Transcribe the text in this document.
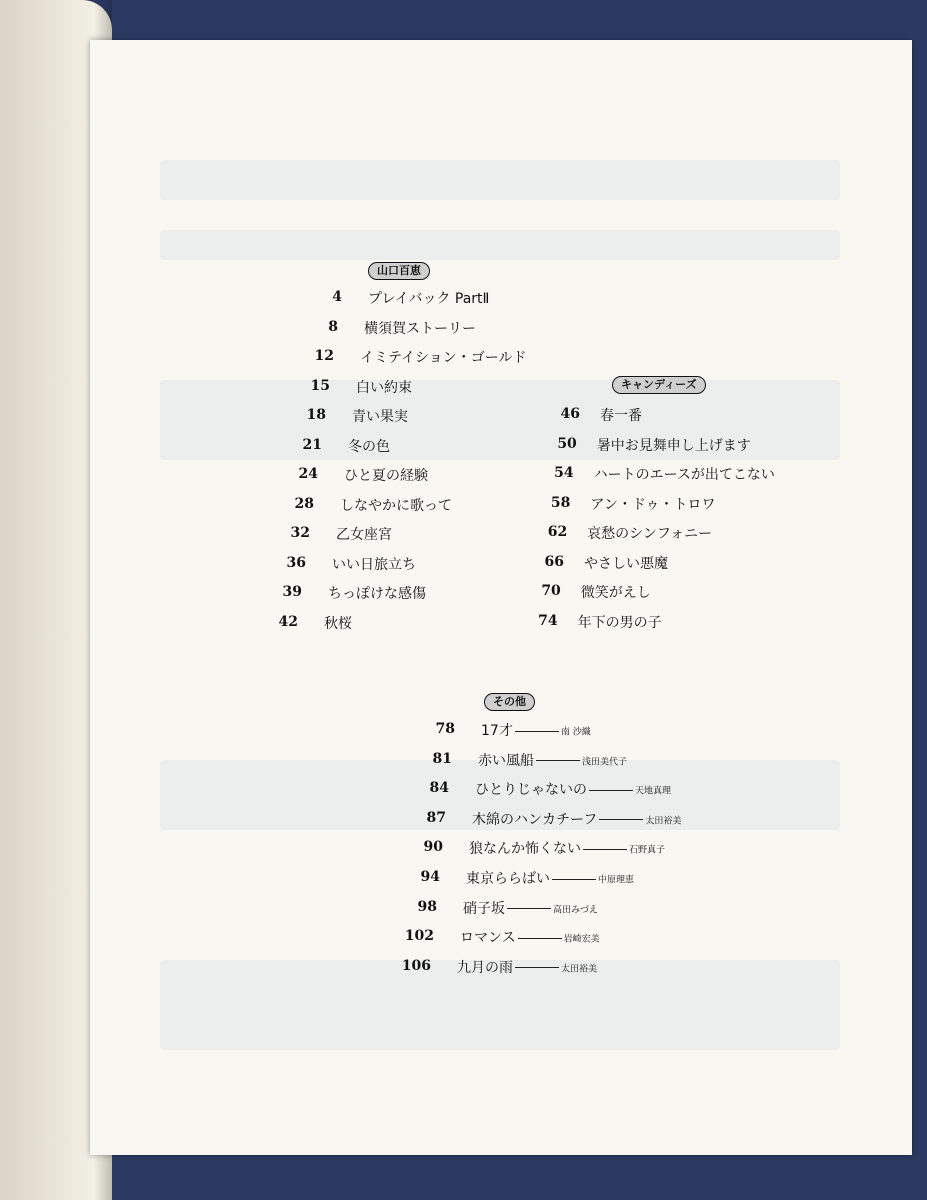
山口百恵
キャンディーズ
その他
4 プレイバック PartⅡ
8 横須賀ストーリー
12 イミテイション・ゴールド
15 白い約束
18 青い果実
21 冬の色
24 ひと夏の経験
28 しなやかに歌って
32 乙女座宮
36 いい日旅立ち
39 ちっぽけな感傷
42 秋桜
46 春一番
50 暑中お見舞申し上げます
54 ハートのエースが出てこない
58 アン・ドゥ・トロワ
62 哀愁のシンフォニー
66 やさしい悪魔
70 微笑がえし
74 年下の男の子
78 17才	南 沙織
81 赤い風船	浅田美代子
84 ひとりじゃないの	天地真理
87 木綿のハンカチーフ	太田裕美
90 狼なんか怖くない	石野真子
94 東京ららばい	中原理恵
98 硝子坂	高田みづえ
102 ロマンス	岩崎宏美
106 九月の雨	太田裕美
